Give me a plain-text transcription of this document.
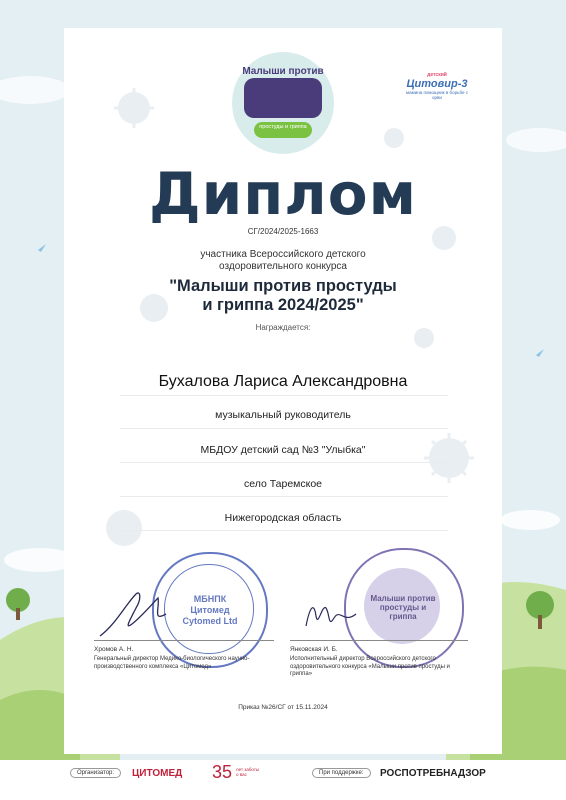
Малыши против
простуды и гриппа
детский
Цитовир-3
мамина помощник в борьбе с орви
Диплом
СГ/2024/2025-1663
участника Всероссийского детского оздоровительного конкурса
"Малыши против простуды и гриппа 2024/2025"
Награждается:
Бухалова Лариса Александровна
музыкальный руководитель
МБДОУ детский сад №3 "Улыбка"
село Таремское
Нижегородская область
МБНПК Цитомед Cytomed Ltd
Малыши против простуды и гриппа
Хромов А. Н.
Генеральный директор Медико-биологического научно-производственного комплекса «Цитомед»
Янковская И. Б.
Исполнительный директор Всероссийского детского оздоровительного конкурса «Малыши против простуды и гриппа»
Приказ №26/СГ от 15.11.2024
Организатор:	ЦИТОМЕД 35 лет заботы о вас	При поддержке:	РОСПОТРЕБНАДЗОР
